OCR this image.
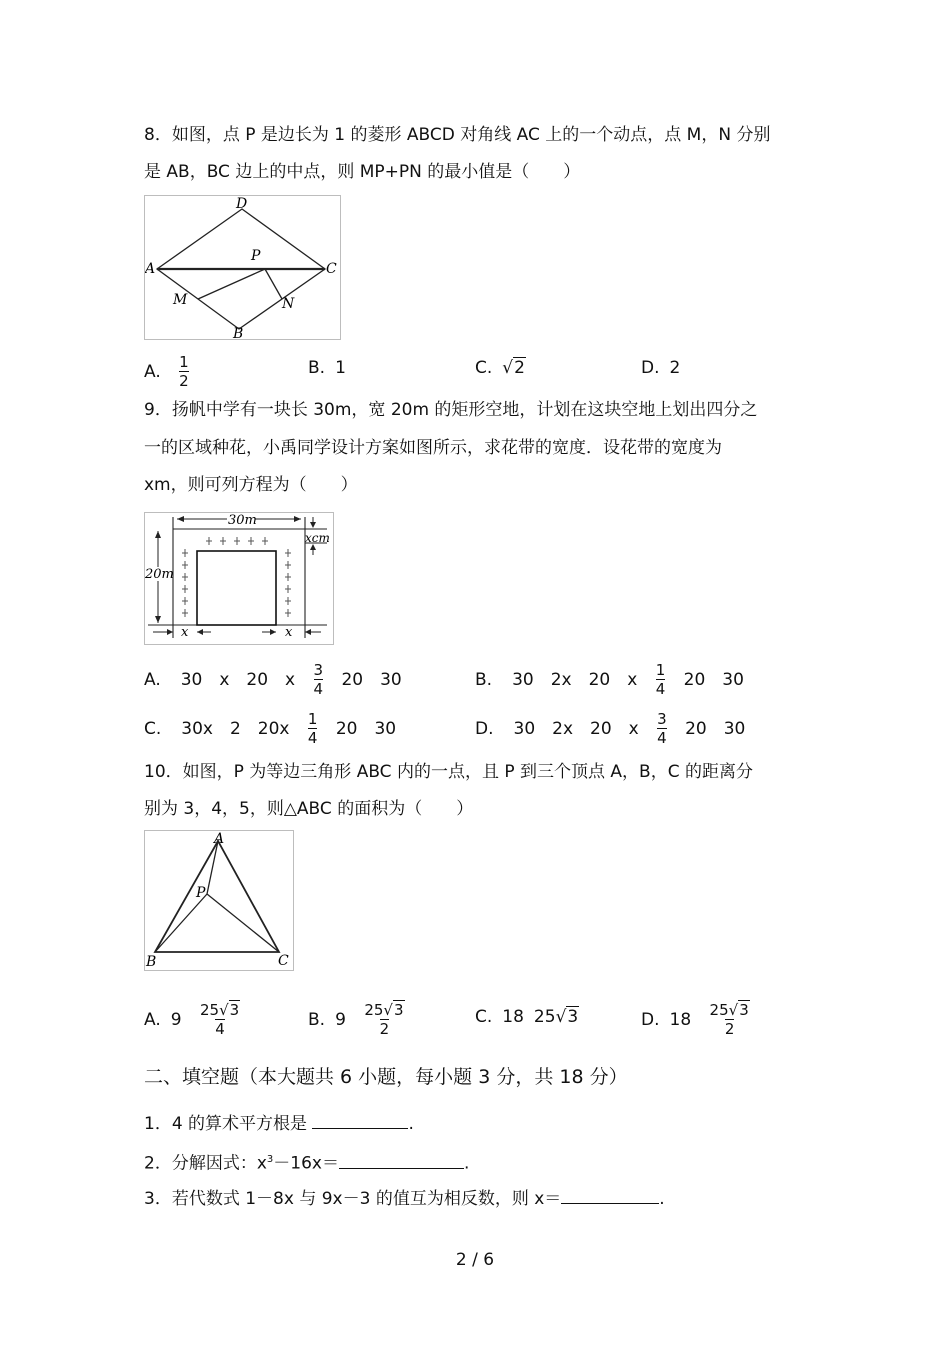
8．如图，点 P 是边长为 1 的菱形 ABCD 对角线 AC 上的一个动点，点 M，N 分别
是 AB，BC 边上的中点，则 MP+PN 的最小值是（　　）
D
A	C
P
M	N
B
A. $\frac{1}{2}$	B. 1	C. √2	D. 2
9．扬帆中学有一块长 30m，宽 20m 的矩形空地，计划在这块空地上划出四分之
一的区域种花，小禹同学设计方案如图所示，求花带的宽度．设花带的宽度为
xm，则可列方程为（　　）
30m
20m
xcm
x	x
A. 30　x　20　x $\frac{3}{4} 20$　30	B. 30　2x　20　x $\frac{1}{4} 20$　30
C. 30x　2　$20x \frac{1}{4} 20$　30	D. 30　2x　20　x $\frac{3}{4} 20$　30
10．如图，P 为等边三角形 ABC 内的一点，且 P 到三个顶点 A，B，C 的距离分
别为 3，4，5，则△ABC 的面积为（　　）
A
P
B	C
A. $9 \frac{25√3}{4}$	B. $9 \frac{25√3}{2}$	C. 18 25√3	D. $18 \frac{25√3}{2}$
二、填空题（本大题共 6 小题，每小题 3 分，共 18 分）
1．4 的算术平方根是	.
2．分解因式：$x^3-16x=$	.
3．若代数式 1－8x 与 9x－3 的值互为相反数，则 x＝	.
2 / 6
